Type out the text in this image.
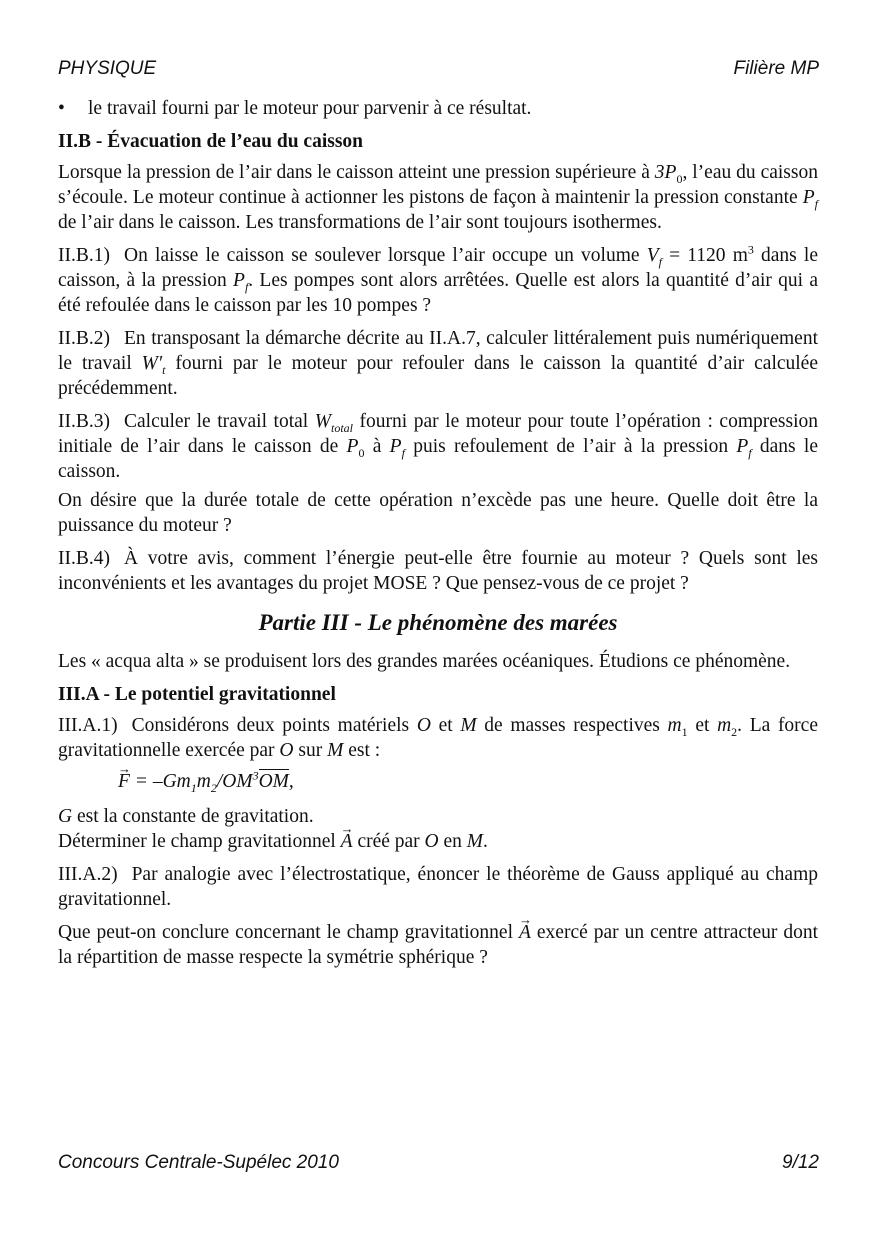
PHYSIQUE	Filière MP

•	le travail fourni par le moteur pour parvenir à ce résultat.

II.B - Évacuation de l’eau du caisson

Lorsque la pression de l’air dans le caisson atteint une pression supérieure à $3P_0$, l’eau du caisson s’écoule. Le moteur continue à actionner les pistons de façon à maintenir la pression constante $P_f$ de l’air dans le caisson. Les transformations de l’air sont toujours isothermes.

II.B.1) On laisse le caisson se soulever lorsque l’air occupe un volume $V_f = 1120$ $m^3$ dans le caisson, à la pression $P_f$. Les pompes sont alors arrêtées. Quelle est alors la quantité d’air qui a été refoulée dans le caisson par les 10 pompes ?

II.B.2) En transposant la démarche décrite au II.A.7, calculer littéralement puis numériquement le travail $W'_t$ fourni par le moteur pour refouler dans le caisson la quantité d’air calculée précédemment.

II.B.3) Calculer le travail total $W_{total}$ fourni par le moteur pour toute l’opération : compression initiale de l’air dans le caisson de $P_0$ à $P_f$ puis refoulement de l’air à la pression $P_f$ dans le caisson.

On désire que la durée totale de cette opération n’excède pas une heure. Quelle doit être la puissance du moteur ?

II.B.4) À votre avis, comment l’énergie peut-elle être fournie au moteur ? Quels sont les inconvénients et les avantages du projet MOSE ? Que pensez-vous de ce projet ?

Partie III - Le phénomène des marées

Les « acqua alta » se produisent lors des grandes marées océaniques. Étudions ce phénomène.

III.A - Le potentiel gravitationnel

III.A.1) Considérons deux points matériels O et M de masses respectives $m_1$ et $m_2$. La force gravitationnelle exercée par O sur M est :

→ $F = -Gm_1m_2/OM^3OM$,

G est la constante de gravitation.
Déterminer le champ gravitationnel → A créé par O en M.

III.A.2) Par analogie avec l’électrostatique, énoncer le théorème de Gauss appliqué au champ gravitationnel.

Que peut-on conclure concernant le champ gravitationnel → A exercé par un centre attracteur dont la répartition de masse respecte la symétrie sphérique ?

Concours Centrale-Supélec 2010	9/12
